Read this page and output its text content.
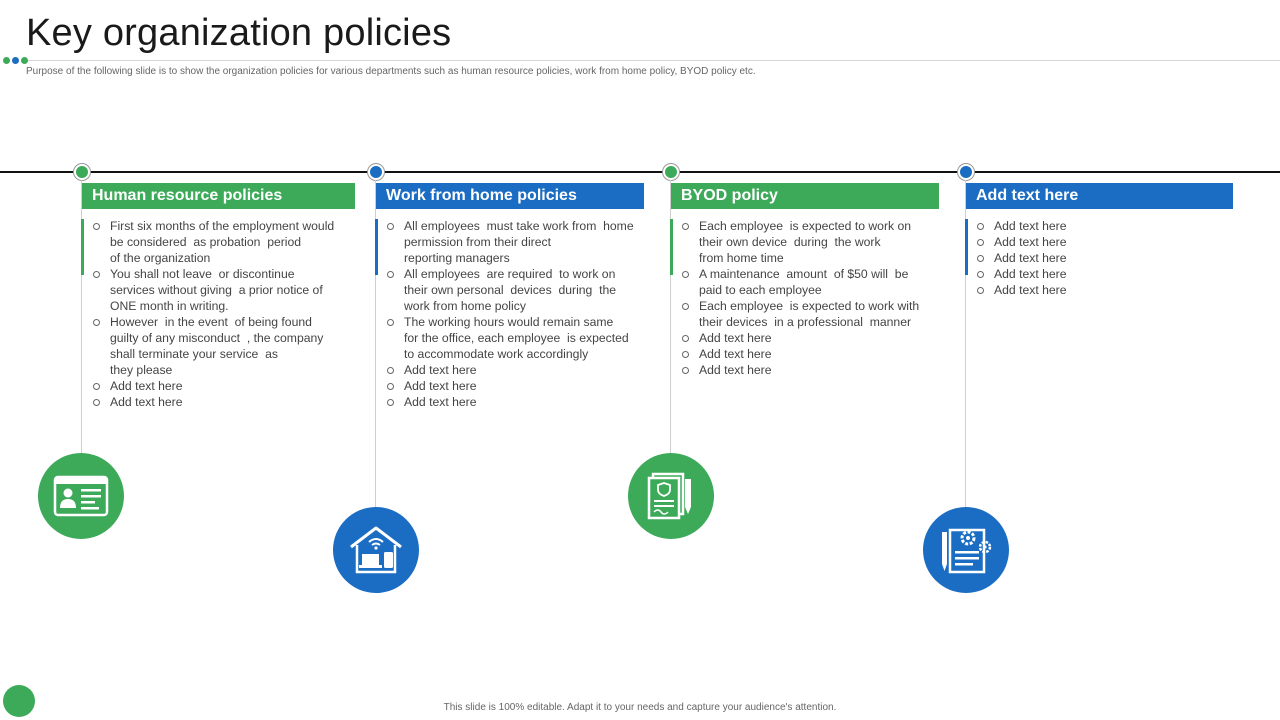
Key organization policies
Purpose of the following slide is to show the organization policies for various departments such as human resource policies, work from home policy, BYOD policy etc.
Human resource policies
First six months of the employment would
be considered  as probation  period
of the organization
You shall not leave  or discontinue
services without giving  a prior notice of
ONE month in writing.
However  in the event  of being found
guilty of any misconduct  , the company
shall terminate your service  as
they please
Add text here
Add text here
Work from home policies
All employees  must take work from  home
permission from their direct
reporting managers
All employees  are required  to work on
their own personal  devices  during  the
work from home policy
The working hours would remain same
for the office, each employee  is expected
to accommodate work accordingly
Add text here
Add text here
Add text here
BYOD policy
Each employee  is expected to work on
their own device  during  the work
from home time
A maintenance  amount  of $50 will  be
paid to each employee
Each employee  is expected to work with
their devices  in a professional  manner
Add text here
Add text here
Add text here
Add text here
Add text here
Add text here
Add text here
Add text here
Add text here
This slide is 100% editable. Adapt it to your needs and capture your audience's attention.
